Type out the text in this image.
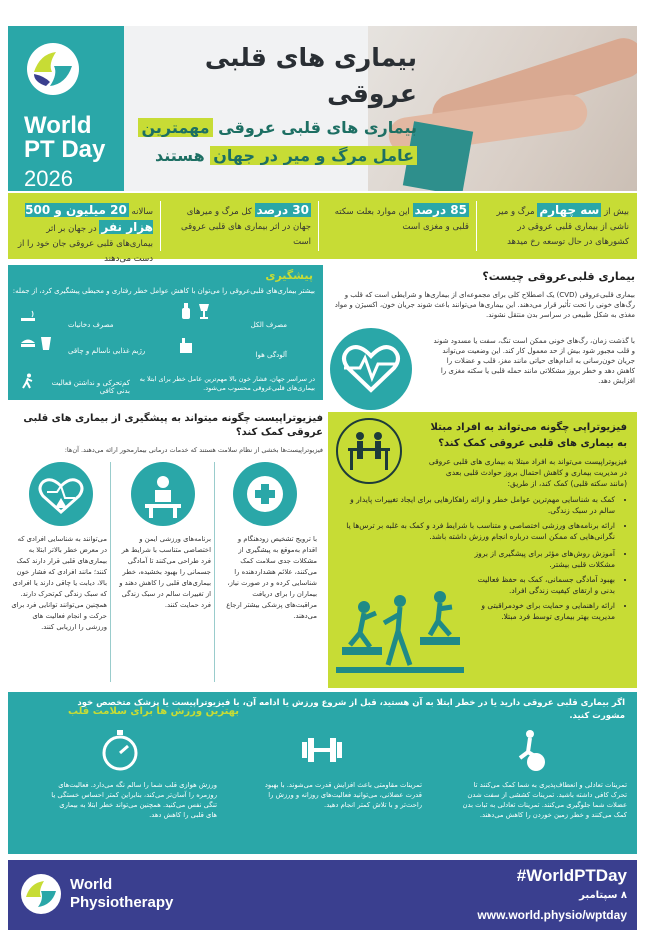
World
PT Day
2026
بیماری های قلبی عروقی
بیماری های قلبی عروقی مهمترین عامل مرگ و میر در جهان هستند
بیش از سه چهارم مرگ و میر ناشی از بیماری قلبی عروقی در کشورهای در حال توسعه رخ میدهد
85 درصد این موارد بعلت سکته قلبی و مغزی است
30 درصد کل مرگ و میرهای جهان در اثر بیماری های قلبی عروقی است
سالانه 20 میلیون و 500 هزار نفر در جهان بر اثر بیماری‌های قلبی عروقی جان خود را از دست می‌دهند
پیشگیری
بیشتر بیماری‌های قلبی‌عروقی را می‌توان با کاهش عوامل خطر رفتاری و محیطی پیشگیری کرد، از جمله:
مصرف الکل
مصرف دخانیات
رژیم غذایی ناسالم و چاقی	آلودگی هوا
کم‌تحرکی و نداشتن فعالیت بدنی کافی
در سراسر جهان، فشار خون بالا مهم‌ترین عامل خطر برای ابتلا به بیماری‌های قلبی‌عروقی محسوب می‌شود.
بیماری قلبی‌عروقی چیست؟
بیماری قلبی‌عروقی (CVD) یک اصطلاح کلی برای مجموعه‌ای از بیماری‌ها و شرایطی است که قلب و رگ‌های خونی را تحت تأثیر قرار می‌دهند. این بیماری‌ها می‌توانند باعث شوند جریان خون، اکسیژن و مواد مغذی به شکل طبیعی در سراسر بدن منتقل نشوند.
با گذشت زمان، رگ‌های خونی ممکن است تنگ، سفت یا مسدود شوند و قلب مجبور شود بیش از حد معمول کار کند. این وضعیت می‌تواند جریان خون‌رسانی به اندام‌های حیاتی مانند مغز، قلب و عضلات را کاهش دهد و خطر بروز مشکلاتی مانند حمله قلبی یا سکته مغزی را افزایش دهد.
فیزیوتراپیست چگونه میتواند به پیشگیری از بیماری های قلبی عروقی کمک کند؟
فیزیوتراپیست‌ها بخشی از نظام سلامت هستند که خدمات درمانی بیمارمحور ارائه می‌دهند. آن‌ها:
با ترویج تشخیص زودهنگام و اقدام به‌موقع به پیشگیری از مشکلات جدی سلامت کمک می‌کنند، علائم هشداردهنده را شناسایی کرده و در صورت نیاز، بیماران را برای دریافت مراقبت‌های پزشکی بیشتر ارجاع می‌دهند.
برنامه‌های ورزشی ایمن و اختصاصی متناسب با شرایط هر فرد طراحی می‌کنند تا آمادگی جسمانی را بهبود بخشیده، خطر بیماری‌های قلبی را کاهش دهند و از تغییرات سالم در سبک زندگی فرد حمایت کنند.
می‌توانند به شناسایی افرادی که در معرض خطر بالاتر ابتلا به بیماری‌های قلبی قرار دارند کمک کنند؛ مانند افرادی که فشار خون بالا، دیابت یا چاقی دارند یا افرادی که سبک زندگی کم‌تحرک دارند. همچنین می‌توانند توانایی فرد برای حرکت و انجام فعالیت های ورزشی را ارزیابی کنند.
فیزیوتراپی چگونه می‌تواند به افراد مبتلا به بیماری های قلبی عروقی کمک کند؟
فیزیوتراپیست می‌تواند به افراد مبتلا به بیماری های قلبی عروقی در مدیریت بیماری و کاهش احتمال بروز حوادث قلبی بعدی (مانند سکته قلبی) کمک کند، از طریق:
• کمک به شناسایی مهم‌ترین عوامل خطر و ارائه راهکارهایی برای ایجاد تغییرات پایدار و سالم در سبک زندگی.
• ارائه برنامه‌های ورزشی اختصاصی و متناسب با شرایط فرد و کمک به غلبه بر ترس‌ها یا نگرانی‌هایی که ممکن است درباره انجام ورزش داشته باشد.
• آموزش روش‌های مؤثر برای پیشگیری از بروز مشکلات قلبی بیشتر.
• بهبود آمادگی جسمانی، کمک به حفظ فعالیت بدنی و ارتقای کیفیت زندگی افراد.
• ارائه راهنمایی و حمایت برای خودمراقبتی و مدیریت بهتر بیماری توسط فرد مبتلا.
اگر بیماری قلبی عروقی دارید یا در خطر ابتلا به آن هستید، قبل از شروع ورزش یا ادامه آن، با فیزیوتراپیست یا پزشک متخصص خود مشورت کنید.
بهترین ورزش ها برای سلامت قلب
تمرینات تعادلی و انعطاف‌پذیری به شما کمک می‌کنند تا تحرک کافی داشته باشید. تمرینات کششی از سفت شدن عضلات شما جلوگیری می‌کنند. تمرینات تعادلی به ثبات بدن کمک می‌کنند و خطر زمین خوردن را کاهش می‌دهند.
تمرینات مقاومتی باعث افزایش قدرت می‌شوند. با بهبود قدرت عضلانی، می‌توانید فعالیت‌های روزانه و ورزش را راحت‌تر و با تلاش کمتر انجام دهید.
ورزش هوازی قلب شما را سالم نگه می‌دارد. فعالیت‌های روزمره را آسان‌تر می‌کند، بنابراین کمتر احساس خستگی یا تنگی نفس می‌کنید. همچنین می‌تواند خطر ابتلا به بیماری های قلبی را کاهش دهد.
World
Physiotherapy
#WorldPTDay
۸ سپتامبر
www.world.physio/wptday
